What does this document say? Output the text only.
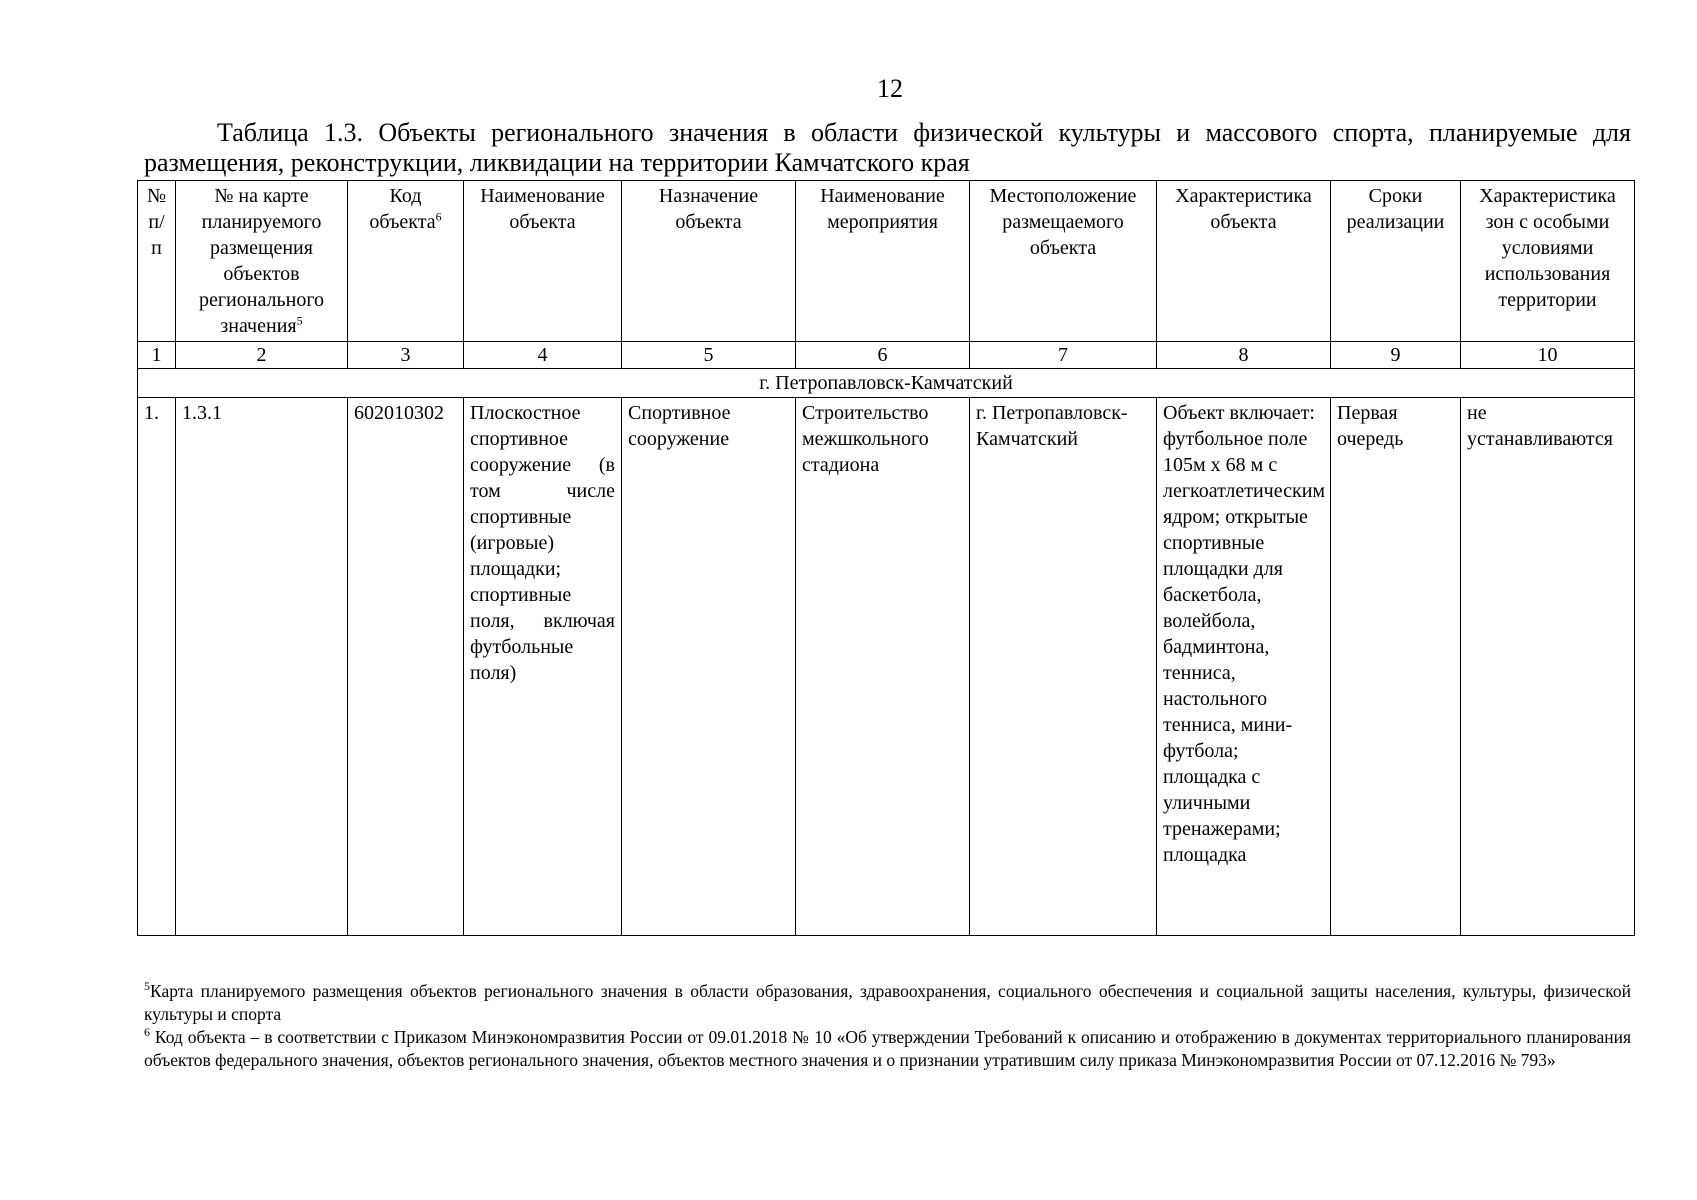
12
Таблица 1.3. Объекты регионального значения в области физической культуры и массового спорта, планируемые для размещения, реконструкции, ликвидации на территории Камчатского края
№ п/п	№ на карте планируемого размещения объектов регионального значения$^5$	Код объекта$^6$	Наименование объекта	Назначение объекта	Наименование мероприятия	Местоположение размещаемого объекта	Характеристика объекта	Сроки реализации	Характеристика зон с особыми условиями использования территории
1	2	3	4	5	6	7	8	9	10
г. Петропавловск-Камчатский									
1.	1.3.1	602010302	Плоскостное спортивное сооружение (в том числе спортивные (игровые) площадки; спортивные поля, включая футбольные поля)	Спортивное сооружение	Строительство межшкольного стадиона	г. Петропавловск-Камчатский	Объект включает: футбольное поле 105м х 68 м с легкоатлетическим ядром; открытые спортивные площадки для баскетбола, волейбола, бадминтона, тенниса, настольного тенниса, мини-футбола; площадка с уличными тренажерами; площадка	Первая очередь	не устанавливаются

$^5$Карта планируемого размещения объектов регионального значения в области образования, здравоохранения, социального обеспечения и социальной защиты населения, культуры, физической культуры и спорта

$^6$ Код объекта – в соответствии с Приказом Минэкономразвития России от 09.01.2018 № 10 «Об утверждении Требований к описанию и отображению в документах территориального планирования объектов федерального значения, объектов регионального значения, объектов местного значения и о признании утратившим силу приказа Минэкономразвития России от 07.12.2016 № 793»
